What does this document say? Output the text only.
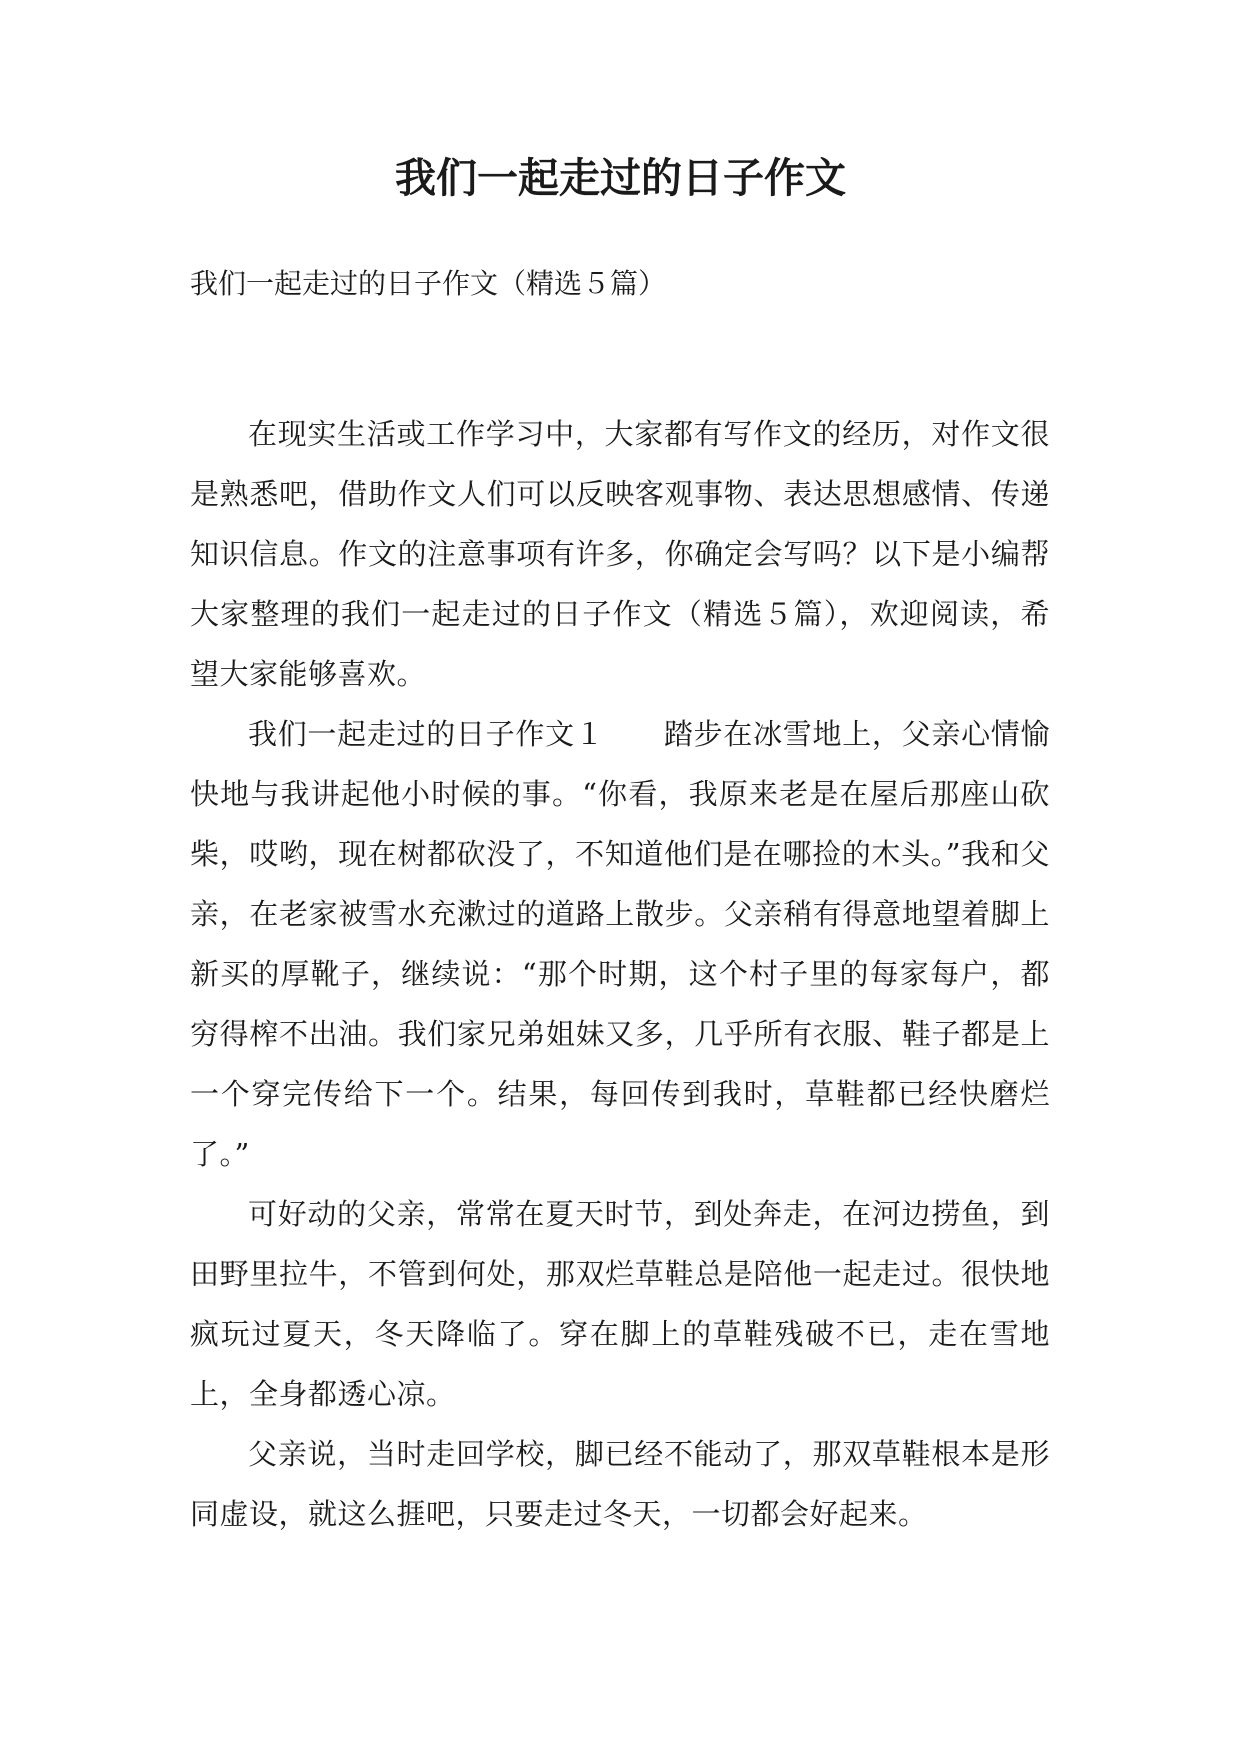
我们一起走过的日子作文
我们一起走过的日子作文（精选５篇）

在现实生活或工作学习中，大家都有写作文的经历，对作文很是熟悉吧，借助作文人们可以反映客观事物、表达思想感情、传递知识信息。作文的注意事项有许多，你确定会写吗？以下是小编帮大家整理的我们一起走过的日子作文（精选５篇），欢迎阅读，希望大家能够喜欢。

我们一起走过的日子作文１　　踏步在冰雪地上，父亲心情愉快地与我讲起他小时候的事。“你看，我原来老是在屋后那座山砍柴，哎哟，现在树都砍没了，不知道他们是在哪捡的木头。”我和父亲，在老家被雪水充漱过的道路上散步。父亲稍有得意地望着脚上新买的厚靴子，继续说：“那个时期，这个村子里的每家每户，都穷得榨不出油。我们家兄弟姐妹又多，几乎所有衣服、鞋子都是上一个穿完传给下一个。结果，每回传到我时，草鞋都已经快磨烂了。”

可好动的父亲，常常在夏天时节，到处奔走，在河边捞鱼，到田野里拉牛，不管到何处，那双烂草鞋总是陪他一起走过。很快地疯玩过夏天，冬天降临了。穿在脚上的草鞋残破不已，走在雪地上，全身都透心凉。

父亲说，当时走回学校，脚已经不能动了，那双草鞋根本是形同虚设，就这么捱吧，只要走过冬天，一切都会好起来。
